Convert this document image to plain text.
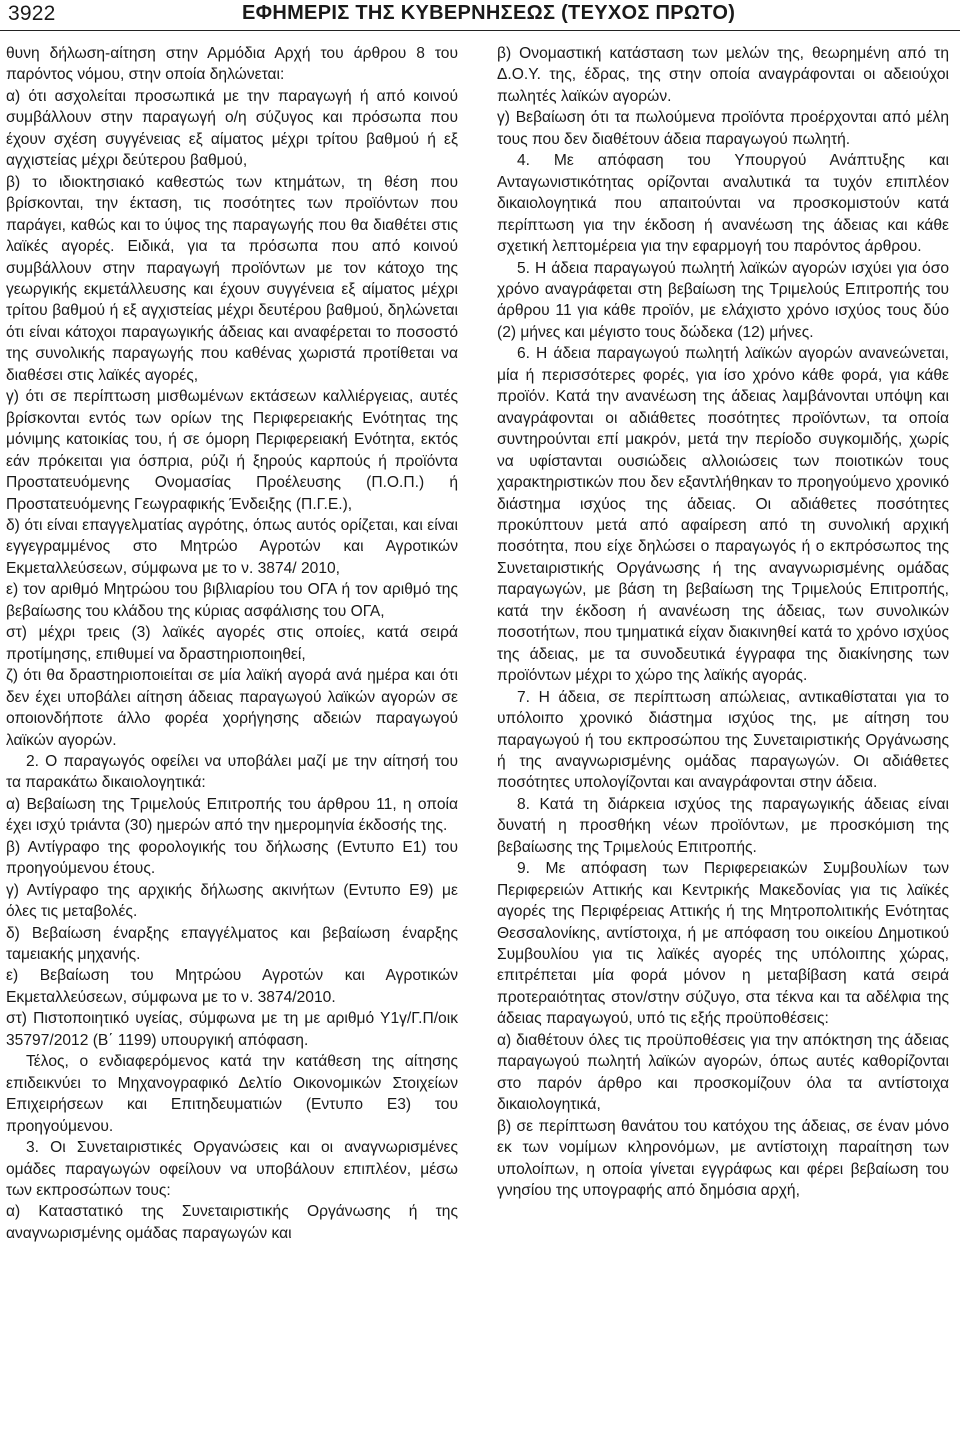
3922	ΕΦΗΜΕΡΙΣ ΤΗΣ ΚΥΒΕΡΝΗΣΕΩΣ (ΤΕΥΧΟΣ ΠΡΩΤΟ)

θυνη δήλωση-αίτηση στην Αρμόδια Αρχή του άρθρου 8 του παρόντος νόμου, στην οποία δηλώνεται:

α) ότι ασχολείται προσωπικά με την παραγωγή ή από κοινού συμβάλλουν στην παραγωγή ο/η σύζυγος και πρόσωπα που έχουν σχέση συγγένειας εξ αίματος μέχρι τρίτου βαθμού ή εξ αγχιστείας μέχρι δεύτερου βαθμού,

β) το ιδιοκτησιακό καθεστώς των κτημάτων, τη θέση που βρίσκονται, την έκταση, τις ποσότητες των προϊόντων που παράγει, καθώς και το ύψος της παραγωγής που θα διαθέτει στις λαϊκές αγορές. Ειδικά, για τα πρόσωπα που από κοινού συμβάλλουν στην παραγωγή προϊόντων με τον κάτοχο της γεωργικής εκμετάλλευσης και έχουν συγγένεια εξ αίματος μέχρι τρίτου βαθμού ή εξ αγχιστείας μέχρι δευτέρου βαθμού, δηλώνεται ότι είναι κάτοχοι παραγωγικής άδειας και αναφέρεται το ποσοστό της συνολικής παραγωγής που καθένας χωριστά προτίθεται να διαθέσει στις λαϊκές αγορές,

γ) ότι σε περίπτωση μισθωμένων εκτάσεων καλλιέργειας, αυτές βρίσκονται εντός των ορίων της Περιφερειακής Ενότητας της μόνιμης κατοικίας του, ή σε όμορη Περιφερειακή Ενότητα, εκτός εάν πρόκειται για όσπρια, ρύζι ή ξηρούς καρπούς ή προϊόντα Προστατευόμενης Ονομασίας Προέλευσης (Π.Ο.Π.) ή Προστατευόμενης Γεωγραφικής Ένδειξης (Π.Γ.Ε.),

δ) ότι είναι επαγγελματίας αγρότης, όπως αυτός ορίζεται, και είναι εγγεγραμμένος στο Μητρώο Αγροτών και Αγροτικών Εκμεταλλεύσεων, σύμφωνα με το ν. 3874/ 2010,

ε) τον αριθμό Μητρώου του βιβλιαρίου του ΟΓΑ ή τον αριθμό της βεβαίωσης του κλάδου της κύριας ασφάλισης του ΟΓΑ,

στ) μέχρι τρεις (3) λαϊκές αγορές στις οποίες, κατά σειρά προτίμησης, επιθυμεί να δραστηριοποιηθεί,

ζ) ότι θα δραστηριοποιείται σε μία λαϊκή αγορά ανά ημέρα και ότι δεν έχει υποβάλει αίτηση άδειας παραγωγού λαϊκών αγορών σε οποιονδήποτε άλλο φορέα χορήγησης αδειών παραγωγού λαϊκών αγορών.

2. Ο παραγωγός οφείλει να υποβάλει μαζί με την αίτησή του τα παρακάτω δικαιολογητικά:

α) Βεβαίωση της Τριμελούς Επιτροπής του άρθρου 11, η οποία έχει ισχύ τριάντα (30) ημερών από την ημερομηνία έκδοσής της.

β) Αντίγραφο της φορολογικής του δήλωσης (Εντυπο Ε1) του προηγούμενου έτους.

γ) Αντίγραφο της αρχικής δήλωσης ακινήτων (Εντυπο Ε9) με όλες τις μεταβολές.

δ) Βεβαίωση έναρξης επαγγέλματος και βεβαίωση έναρξης ταμειακής μηχανής.

ε) Βεβαίωση του Μητρώου Αγροτών και Αγροτικών Εκμεταλλεύσεων, σύμφωνα με το ν. 3874/2010.

στ) Πιστοποιητικό υγείας, σύμφωνα με τη με αριθμό Υ1γ/Γ.Π/οικ 35797/2012 (Β΄ 1199) υπουργική απόφαση.

Τέλος, ο ενδιαφερόμενος κατά την κατάθεση της αίτησης επιδεικνύει το Μηχανογραφικό Δελτίο Οικονομικών Στοιχείων Επιχειρήσεων και Επιτηδευματιών (Εντυπο Ε3) του προηγούμενου.

3. Οι Συνεταιριστικές Οργανώσεις και οι αναγνωρισμένες ομάδες παραγωγών οφείλουν να υποβάλουν επιπλέον, μέσω των εκπροσώπων τους:

α) Καταστατικό της Συνεταιριστικής Οργάνωσης ή της αναγνωρισμένης ομάδας παραγωγών και

β) Ονομαστική κατάσταση των μελών της, θεωρημένη από τη Δ.Ο.Υ. της, έδρας, της στην οποία αναγράφονται οι αδειούχοι πωλητές λαϊκών αγορών.

γ) Βεβαίωση ότι τα πωλούμενα προϊόντα προέρχονται από μέλη τους που δεν διαθέτουν άδεια παραγωγού πωλητή.

4. Με απόφαση του Υπουργού Ανάπτυξης και Ανταγωνιστικότητας ορίζονται αναλυτικά τα τυχόν επιπλέον δικαιολογητικά που απαιτούνται να προσκομιστούν κατά περίπτωση για την έκδοση ή ανανέωση της άδειας και κάθε σχετική λεπτομέρεια για την εφαρμογή του παρόντος άρθρου.

5. Η άδεια παραγωγού πωλητή λαϊκών αγορών ισχύει για όσο χρόνο αναγράφεται στη βεβαίωση της Τριμελούς Επιτροπής του άρθρου 11 για κάθε προϊόν, με ελάχιστο χρόνο ισχύος τους δύο (2) μήνες και μέγιστο τους δώδεκα (12) μήνες.

6. Η άδεια παραγωγού πωλητή λαϊκών αγορών ανανεώνεται, μία ή περισσότερες φορές, για ίσο χρόνο κάθε φορά, για κάθε προϊόν. Κατά την ανανέωση της άδειας λαμβάνονται υπόψη και αναγράφονται οι αδιάθετες ποσότητες προϊόντων, τα οποία συντηρούνται επί μακρόν, μετά την περίοδο συγκομιδής, χωρίς να υφίστανται ουσιώδεις αλλοιώσεις των ποιοτικών τους χαρακτηριστικών που δεν εξαντλήθηκαν το προηγούμενο χρονικό διάστημα ισχύος της άδειας. Οι αδιάθετες ποσότητες προκύπτουν μετά από αφαίρεση από τη συνολική αρχική ποσότητα, που είχε δηλώσει ο παραγωγός ή ο εκπρόσωπος της Συνεταιριστικής Οργάνωσης ή της αναγνωρισμένης ομάδας παραγωγών, με βάση τη βεβαίωση της Τριμελούς Επιτροπής, κατά την έκδοση ή ανανέωση της άδειας, των συνολικών ποσοτήτων, που τμηματικά είχαν διακινηθεί κατά το χρόνο ισχύος της άδειας, με τα συνοδευτικά έγγραφα της διακίνησης των προϊόντων μέχρι το χώρο της λαϊκής αγοράς.

7. Η άδεια, σε περίπτωση απώλειας, αντικαθίσταται για το υπόλοιπο χρονικό διάστημα ισχύος της, με αίτηση του παραγωγού ή του εκπροσώπου της Συνεταιριστικής Οργάνωσης ή της αναγνωρισμένης ομάδας παραγωγών. Οι αδιάθετες ποσότητες υπολογίζονται και αναγράφονται στην άδεια.

8. Κατά τη διάρκεια ισχύος της παραγωγικής άδειας είναι δυνατή η προσθήκη νέων προϊόντων, με προσκόμιση της βεβαίωσης της Τριμελούς Επιτροπής.

9. Με απόφαση των Περιφερειακών Συμβουλίων των Περιφερειών Αττικής και Κεντρικής Μακεδονίας για τις λαϊκές αγορές της Περιφέρειας Αττικής ή της Μητροπολιτικής Ενότητας Θεσσαλονίκης, αντίστοιχα, ή με απόφαση του οικείου Δημοτικού Συμβουλίου για τις λαϊκές αγορές της υπόλοιπης χώρας, επιτρέπεται μία φορά μόνον η μεταβίβαση κατά σειρά προτεραιότητας στον/στην σύζυγο, στα τέκνα και τα αδέλφια της άδειας παραγωγού, υπό τις εξής προϋποθέσεις:

α) διαθέτουν όλες τις προϋποθέσεις για την απόκτηση της άδειας παραγωγού πωλητή λαϊκών αγορών, όπως αυτές καθορίζονται στο παρόν άρθρο και προσκομίζουν όλα τα αντίστοιχα δικαιολογητικά,

β) σε περίπτωση θανάτου του κατόχου της άδειας, σε έναν μόνο εκ των νομίμων κληρονόμων, με αντίστοιχη παραίτηση των υπολοίπων, η οποία γίνεται εγγράφως και φέρει βεβαίωση του γνησίου της υπογραφής από δημόσια αρχή,
